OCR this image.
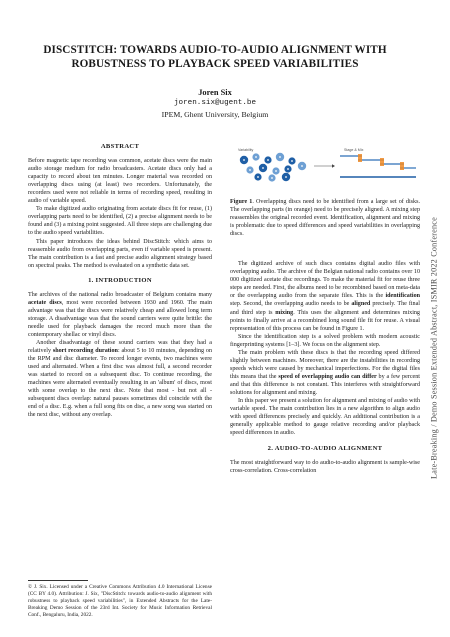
DISCSTITCH: TOWARDS AUDIO-TO-AUDIO ALIGNMENT WITH ROBUSTNESS TO PLAYBACK SPEED VARIABILITIES
Joren Six
joren.six@ugent.be
IPEM, Ghent University, Belgium
ABSTRACT

Before magnetic tape recording was common, acetate discs were the main audio storage medium for radio broadcasters. Acetate discs only had a capacity to record about ten minutes. Longer material was recorded on overlapping discs using (at least) two recorders. Unfortunately, the recorders used were not reliable in terms of recording speed, resulting in audio of variable speed.

To make digitized audio originating from acetate discs fit for reuse, (1) overlapping parts need to be identified, (2) a precise alignment needs to be found and (3) a mixing point suggested. All three steps are challenging due to the audio speed variabilities.

This paper introduces the ideas behind DiscStitch: which aims to reassemble audio from overlapping parts, even if variable speed is present. The main contribution is a fast and precise audio alignment strategy based on spectral peaks. The method is evaluated on a synthetic data set.

1. INTRODUCTION

The archives of the national radio broadcaster of Belgium contains many acetate discs, most were recorded between 1930 and 1960. The main advantage was that the discs were relatively cheap and allowed long term storage. A disadvantage was that the sound carriers were quite brittle: the needle used for playback damages the record much more than the contemporary shellac or vinyl discs.

Another disadvantage of these sound carriers was that they had a relatively short recording duration: about 5 to 10 minutes, depending on the RPM and disc diameter. To record longer events, two machines were used and alternated. When a first disc was almost full, a second recorder was started to record on a subsequent disc. To continue recording, the machines were alternated eventually resulting in an 'album' of discs, most with some overlap to the next disc. Note that most - but not all - subsequent discs overlap: natural pauses sometimes did coincide with the end of a disc. E.g. when a full song fits on disc, a new song was started on the next disc, without any overlap.

© J. Six. Licensed under a Creative Commons Attribution 4.0 International License (CC BY 4.0). Attribution: J. Six, "DiscStitch: towards audio-to-audio alignment with robustness to playback speed variabilities", in Extended Abstracts for the Late-Breaking Demo Session of the 23rd Int. Society for Music Information Retrieval Conf., Bengaluru, India, 2022.

Variability	Stage & Mix

Figure 1. Overlapping discs need to be identified from a large set of disks. The overlapping parts (in orange) need to be precisely aligned. A mixing step reassembles the original recorded event. Identification, alignment and mixing is problematic due to speed differences and speed variabilities in overlapping discs.

The digitized archive of such discs contains digital audio files with overlapping audio. The archive of the Belgian national radio contains over 10 000 digitized acetate disc recordings. To make the material fit for reuse three steps are needed. First, the albums need to be recombined based on meta-data or the overlapping audio from the separate files. This is the identification step. Second, the overlapping audio needs to be aligned precisely. The final and third step is mixing. This uses the alignment and determines mixing points to finally arrive at a recombined long sound file fit for reuse. A visual representation of this process can be found in Figure 1.

Since the identification step is a solved problem with modern acoustic fingerprinting systems [1–3]. We focus on the alignment step.

The main problem with these discs is that the recording speed differed slightly between machines. Moreover, there are the instabilities in recording speeds which were caused by mechanical imperfections. For the digital files this means that the speed of overlapping audio can differ by a few percent and that this difference is not constant. This interferes with straightforward solutions for alignment and mixing.

In this paper we present a solution for alignment and mixing of audio with variable speed. The main contribution lies in a new algorithm to align audio with speed differences precisely and quickly. An additional contribution is a generally applicable method to gauge relative recording and/or playback speed differences in audio.

2. AUDIO-TO-AUDIO ALIGNMENT

The most straightforward way to do audio-to-audio alignment is sample-wise cross-correlation. Cross-correlation	Late-Breaking / Demo Session Extended Abstract, ISMIR 2022 Conference
